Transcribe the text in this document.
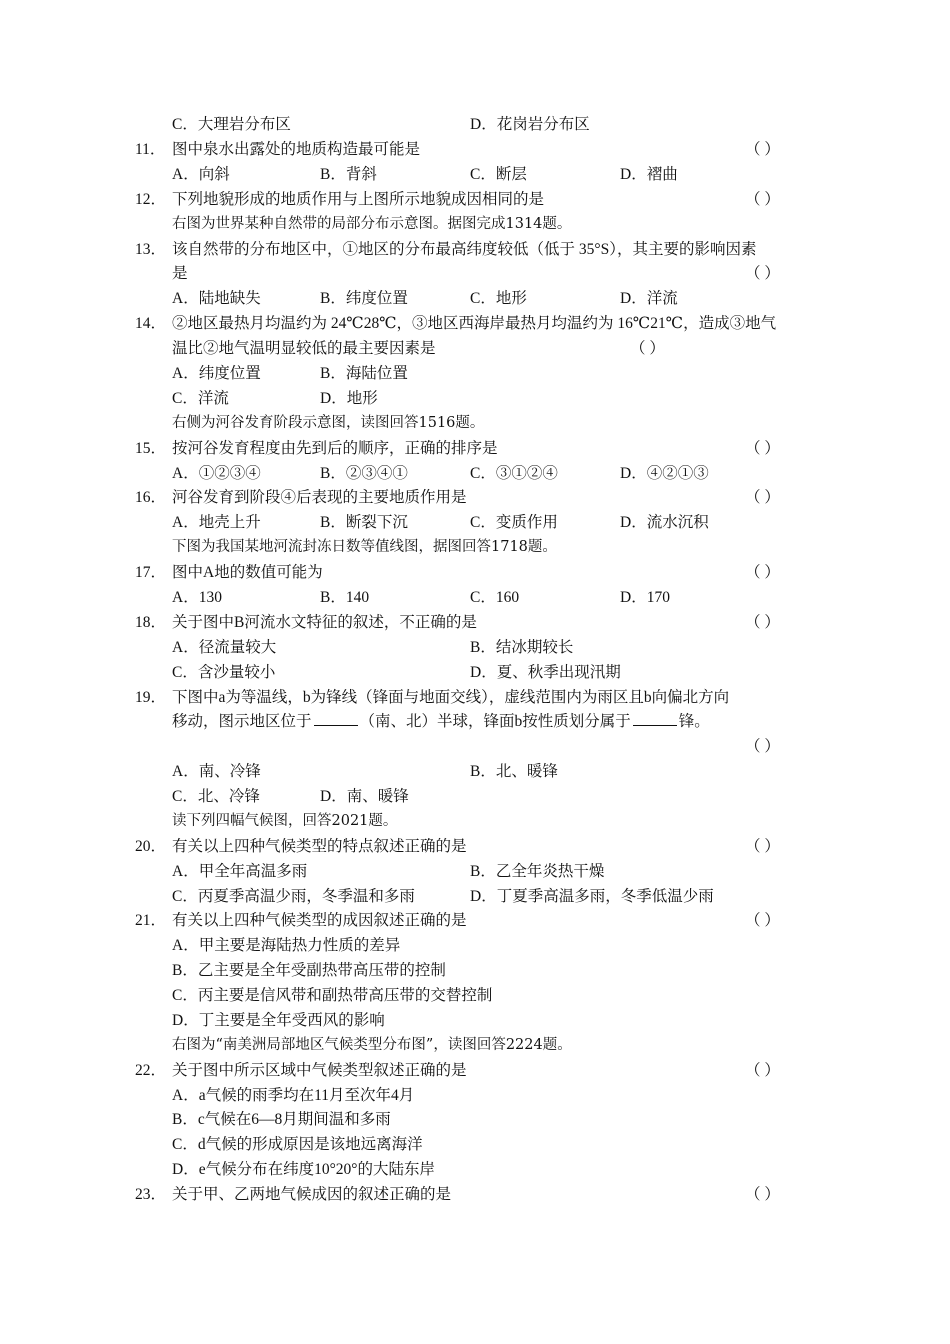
C．大理岩分布区	D．花岗岩分布区
11． 图中泉水出露处的地质构造最可能是	（ ）
A．向斜	B．背斜	C．断层	D．褶曲
12． 下列地貌形成的地质作用与上图所示地貌成因相同的是	（ ）
右图为世界某种自然带的局部分布示意图。据图完成1314题。
13． 该自然带的分布地区中，①地区的分布最高纬度较低（低于 35°S），其主要的影响因素
是	（ ）
A．陆地缺失	B．纬度位置	C．地形	D．洋流
14． ②地区最热月均温约为 24℃28℃，③地区西海岸最热月均温约为 16℃21℃，造成③地气
温比②地气温明显较低的最主要因素是	（ ）
A．纬度位置	B．海陆位置
C．洋流	D．地形
右侧为河谷发育阶段示意图，读图回答1516题。
15． 按河谷发育程度由先到后的顺序，正确的排序是	（ ）
A．①②③④	B．②③④①	C．③①②④	D．④②①③
16． 河谷发育到阶段④后表现的主要地质作用是	（ ）
A．地壳上升	B．断裂下沉	C．变质作用	D．流水沉积
下图为我国某地河流封冻日数等值线图，据图回答1718题。
17． 图中A地的数值可能为	（ ）
A．130	B．140	C．160	D．170
18． 关于图中B河流水文特征的叙述，不正确的是	（ ）
A．径流量较大	B．结冰期较长
C．含沙量较小	D．夏、秋季出现汛期
19． 下图中a为等温线，b为锋线（锋面与地面交线），虚线范围内为雨区且b向偏北方向
移动，图示地区位于	（南、北）半球，锋面b按性质划分属于	锋。
（ ）
A．南、冷锋	B．北、暖锋
C．北、冷锋	D．南、暖锋
读下列四幅气候图，回答2021题。
20． 有关以上四种气候类型的特点叙述正确的是	（ ）
A．甲全年高温多雨	B．乙全年炎热干燥
C．丙夏季高温少雨，冬季温和多雨	D．丁夏季高温多雨，冬季低温少雨
21． 有关以上四种气候类型的成因叙述正确的是	（ ）
A．甲主要是海陆热力性质的差异
B．乙主要是全年受副热带高压带的控制
C．丙主要是信风带和副热带高压带的交替控制
D．丁主要是全年受西风的影响
右图为“南美洲局部地区气候类型分布图”，读图回答2224题。
22． 关于图中所示区域中气候类型叙述正确的是	（ ）
A．a气候的雨季均在11月至次年4月
B．c气候在6—8月期间温和多雨
C．d气候的形成原因是该地远离海洋
D．e气候分布在纬度10°20°的大陆东岸
23． 关于甲、乙两地气候成因的叙述正确的是	（ ）
